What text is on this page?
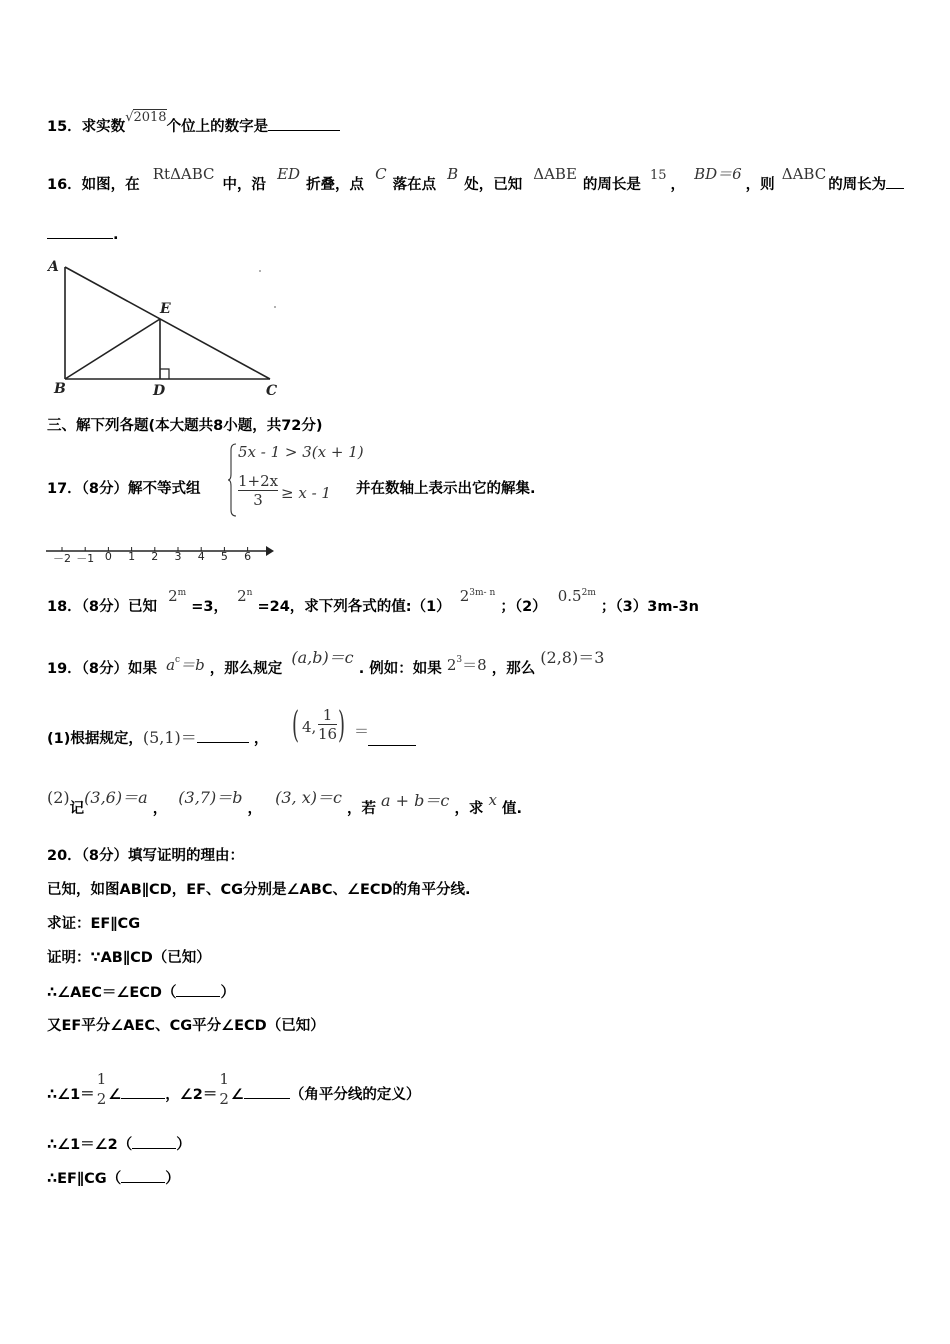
15．求实数√2018个位上的数字是
16．如图，在 RtΔABC中，沿 ED折叠，点 C落在点 B处，已知 ΔABE的周长是 15， BD＝6，则 ΔABC的周长为
.
A
B	C
D
E
三、解下列各题(本大题共8小题，共72分)
17．（8分）解不等式组
5x - 1 > 3(x + 1)
1+2x
3	≥ x - 1 并在数轴上表示出它的解集.
－2 －1 0 1 2 3 4 5 6
18．（8分）已知 $2^m =3$， $2^n =24$，求下列各式的值:（1） $2^{3m- n}$ ；（2） $0.5^{2m}$ ；（3）3m-3n
19．（8分）如果 $a^c=b$ ，那么规定 (a,b)＝c . 例如：如果 $2^3=8$ ，那么 (2,8)＝3
(1)根据规定，(5,1)＝	， ( 4,
1
16 ) ＝
(2)记(3,6)＝a ， (3,7)＝b ， (3, x)＝c ，若 a + b＝c ，求 x 值.
20．（8分）填写证明的理由：
已知，如图AB∥CD，EF、CG分别是∠ABC、∠ECD的角平分线.
求证：EF∥CG
证明：∵AB∥CD（已知）
∴∠AEC＝∠ECD（	）
又EF平分∠AEC、CG平分∠ECD（已知）
∴∠1＝
1
2 ∠	，∠2＝
1
2 ∠	（角平分线的定义）
∴∠1＝∠2（	）
∴EF∥CG（	）
